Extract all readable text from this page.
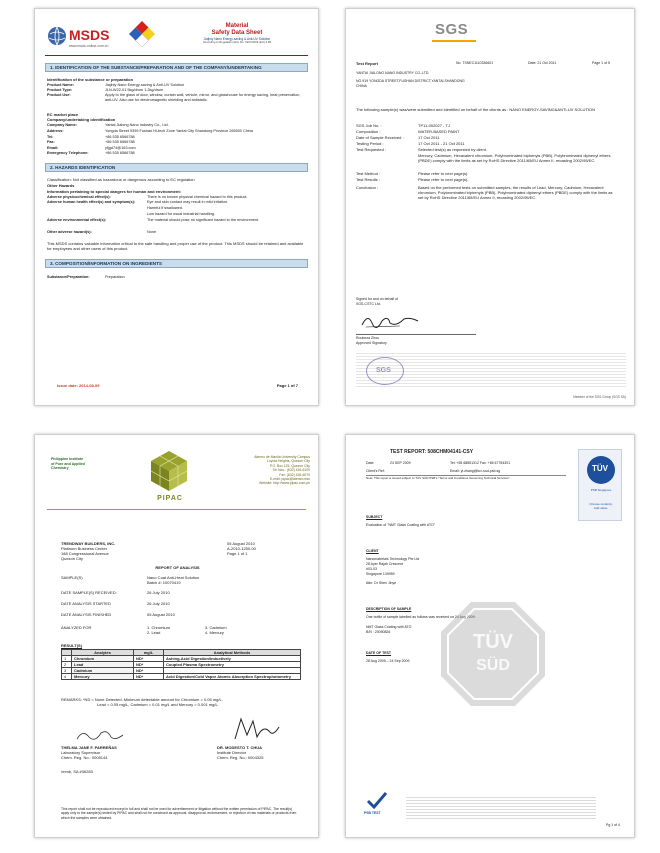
MSDS
www.msds-online.com.cn
Material
Safety Data Sheet
Jiajinly Nano Energy-saving & Anti-UV Solution
According to Regulation (EC) No. 1907/2006 (EU) 2.99
1. IDENTIFICATION OF THE SUBSTANCE/PREPARATION AND OF THE COMPANY/UNDERTAKING
Identification of the substance or preparation
Product Name:	Jiajinly Nano Energy-saving & Anti-UV Solution
Product Type:	JLN-W22-01 5kg/drum 1.2kg/drum
Product Use:	Apply to the glass of door, window, curtain wall, vehicle, mirror, and glasshouse for energy saving, heat preservation, anti-UV. Also use for electromagnetic shielding and antistatic.
EC market place
Company/undertaking identification
Company Name:	Yantai Jialong Nano Industry Co., Ltd.
Address:	Yongda Street 9399 Fushan Hi-tech Zone Yantai City Shandong Province 265500 China
Tel:	+86 535 6566788
Fax:	+86 535 6566788
Email:	ytjgd74@163.com
Emergency Telephone:	+86 535 6566788
2. HAZARDS IDENTIFICATION
Classification: Not classified as hazardous or dangerous according to EC regulation
Other Hazards
Information pertaining to special dangers for human and environment:
Adverse physicochemical effect(s):	There is no known physical chemical hazard to this product.
Adverse human health effect(s) and symptom(s):	Eye and skin contact may result in mild irritation.
Harmful if swallowed.
Low hazard for usual industrial handling.
Adverse environmental effect(s):	The material should pose no significant hazard to the environment.
Other adverse hazard(s):	None
This MSDS contains valuable information critical to the safe handling and proper use of the product. This MSDS should be retained and available for employees and other users of this product.
3. COMPOSITION/INFORMATION ON INGREDIENTS
Substance/Preparation:	Preparation
Issue date: 2014-08-09	Page 1 of 7
SGS
Test Report	No. TSNEC1110336601	Date: 21 Oct 2011	Page 1 of 5
YANTAI JIALONG NANO INDUSTRY CO.,LTD.
NO.919 YONGDA STREET,FUSHAN DISTRICT,YANTAI,SHANDONG
CHINA
The following sample(s) was/were submitted and identified on behalf of the clients as : NANO ENERGY-SAVING&ANTI-UV SOLUTION
SGS Job No. :	TP11-002027 - TJ
Composition :	WATER-BASED PAINT
Date of Sample Received :	17 Oct 2011
Testing Period :	17 Oct 2011 - 21 Oct 2011
Test Requested :	Selected test(s) as requested by client.
Mercury, Cadmium, Hexavalent chromium, Polybrominated biphenyls (PBB), Polybrominated diphenyl ethers (PBDE) comply with the limits as set by RoHS Directive 2011/65/EU Annex II, recasting 2002/95/EC.
Test Method :	Please refer to next page(s).
Test Results :	Please refer to next page(s).
Conclusion :	Based on the performed tests on submitted samples, the results of Lead, Mercury, Cadmium, Hexavalent chromium, Polybrominated biphenyls (PBB), Polybrominated diphenyl ethers (PBDE) comply with the limits as set by RoHS Directive 2011/65/EU Annex II, recasting 2002/95/EC.
Signed for and on behalf of
SGS-CSTC Ltd.
Roubeza Zhou
Approved Signatory
SGS
Member of the SGS Group (SGS SA)
Philippine Institute
of Pure and Applied
Chemistry
PIPAC
Ateneo de Manila University Campus
Loyola Heights, Quezon City
P.O. Box 125, Quezon City
Tel Nos.: (632) 426-6100
Fax: (632) 426-6070
E-mail: pipac@ateneo.edu
Website: http://www.pipac.com.ph
TRENDWAY BUILDERS, INC.
Platinum Business Center
188 Congressional Avenue
Quezon City
05 August 2010
A-2010-1250-00
Page 1 of 1
REPORT OF ANALYSIS
SAMPLE(S)	Nano Coat Anti-Heat Solution
Batch #: 10070419
DATE SAMPLE(S) RECEIVED:	26 July 2010
DATE ANALYSIS STARTED	26 July 2010
DATE ANALYSIS FINISHED	05 August 2010
ANALYZED FOR	1. Chromium
2. Lead
3. Cadmium
4. Mercury
RESULT(S)
	Analytes	mg/L	Analytical Methods
1	Chromium	ND*	Ashing-Acid Digestion/Inductively
2	Lead	ND*	Coupled Plasma Spectrometry
3	Cadmium	ND*	
4	Mercury	ND*	Acid Digestion/Cold Vapor Atomic Absorption Spectrophotometry
REMARKS: *ND = None Detected. Minimum detectable amount for Chromium = 0.05 mg/L,
Lead = 0.05 mg/L, Cadmium = 0.01 mg/L and Mercury = 0.001 mg/L.
THELMA JANE F. PARREÑAS
Laboratory Supervisor
Chem. Reg. No.: 0005144
DR. MODESTO T. CHUA
Institute Director
Chem. Reg. No.: 0004325
/mmb, SA #36283
This report shall not be reproduced except in full and shall not be used for advertisement or litigation without the written permission of PIPAC. The result(s) apply only to the sample(s) tested by PIPAC and shall not be construed as approval, disapproval, endorsement, or rejection of raw materials or products from which the samples were obtained.
TEST REPORT: 508CHM04141-CSY
Date:	24 SEP 2009	Tel: +65 68851312 Fax: +65 67784301
Client's Ref:	Email: yi.zhang@tuv-sud-psb.sg
Note: This report is issued subject to TÜV SÜD PSB's "Terms and Conditions Governing Technical Services".
TÜV
PSB Singapore
Choose certainty.
Add value.
SUBJECT
Evaluation of "NMT Glass Coating with ATO"
CLIENT
Nanomaterials Technology Pte Ltd
28 Ayer Rajah Crescent
#03-03
Singapore 139959
Attn: Dr Shen Jinye
DESCRIPTION OF SAMPLE
One bottle of sample labelled as follows was received on 24 Aug 2009:
NMT Glass Coating with ATO
B/N : 20090826
DATE OF TEST
28 Aug 2009 – 24 Sep 2009
TÜV
SÜD
PSB TEST
Pg 1 of 4
